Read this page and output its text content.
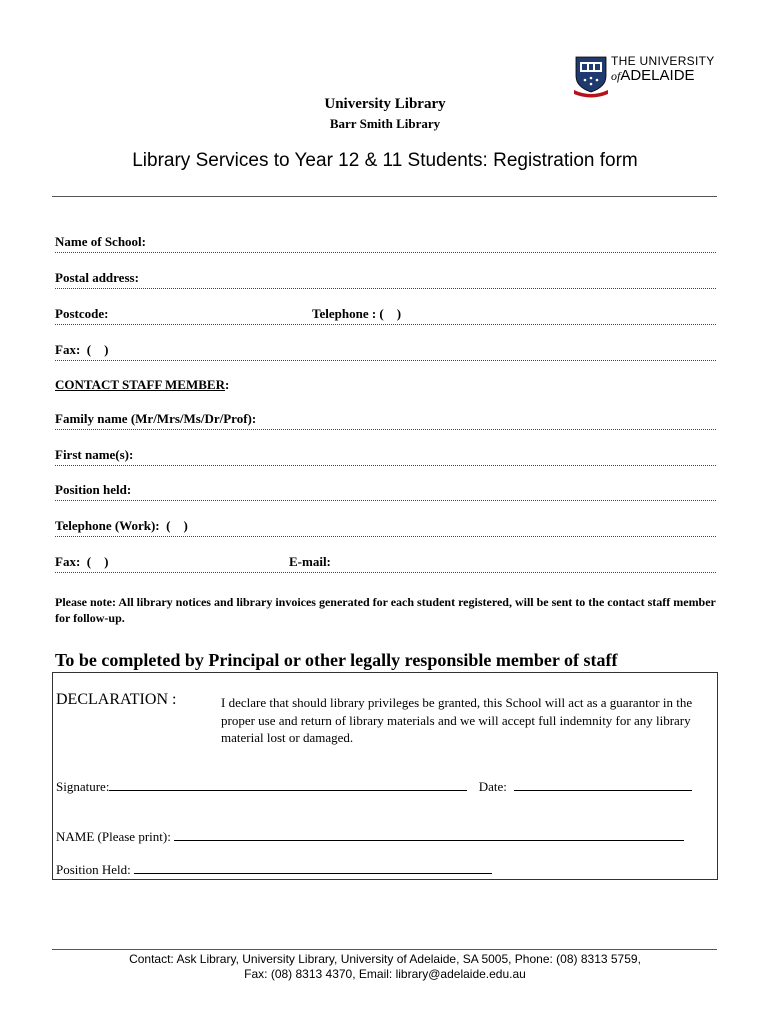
THE UNIVERSITY
ofADELAIDE
University Library
Barr Smith Library
Library Services to Year 12 & 11 Students: Registration form
Name of School:
Postal address:
Postcode:	Telephone : (    )
Fax:  (    )
CONTACT STAFF MEMBER:
Family name (Mr/Mrs/Ms/Dr/Prof):
First name(s):
Position held:
Telephone (Work):  (    )
Fax:  (    )	E-mail:
Please note: All library notices and library invoices generated for each student registered, will be sent to the contact staff member for follow-up.
To be completed by Principal or other legally responsible member of staff
DECLARATION :	I declare that should library privileges be granted, this School will act as a guarantor in the proper use and return of library materials and we will accept full indemnity for any library material lost or damaged.
Signature:	Date:
NAME (Please print):
Position Held:
Contact: Ask Library, University Library, University of Adelaide, SA 5005, Phone: (08) 8313 5759,
Fax: (08) 8313 4370, Email: library@adelaide.edu.au
